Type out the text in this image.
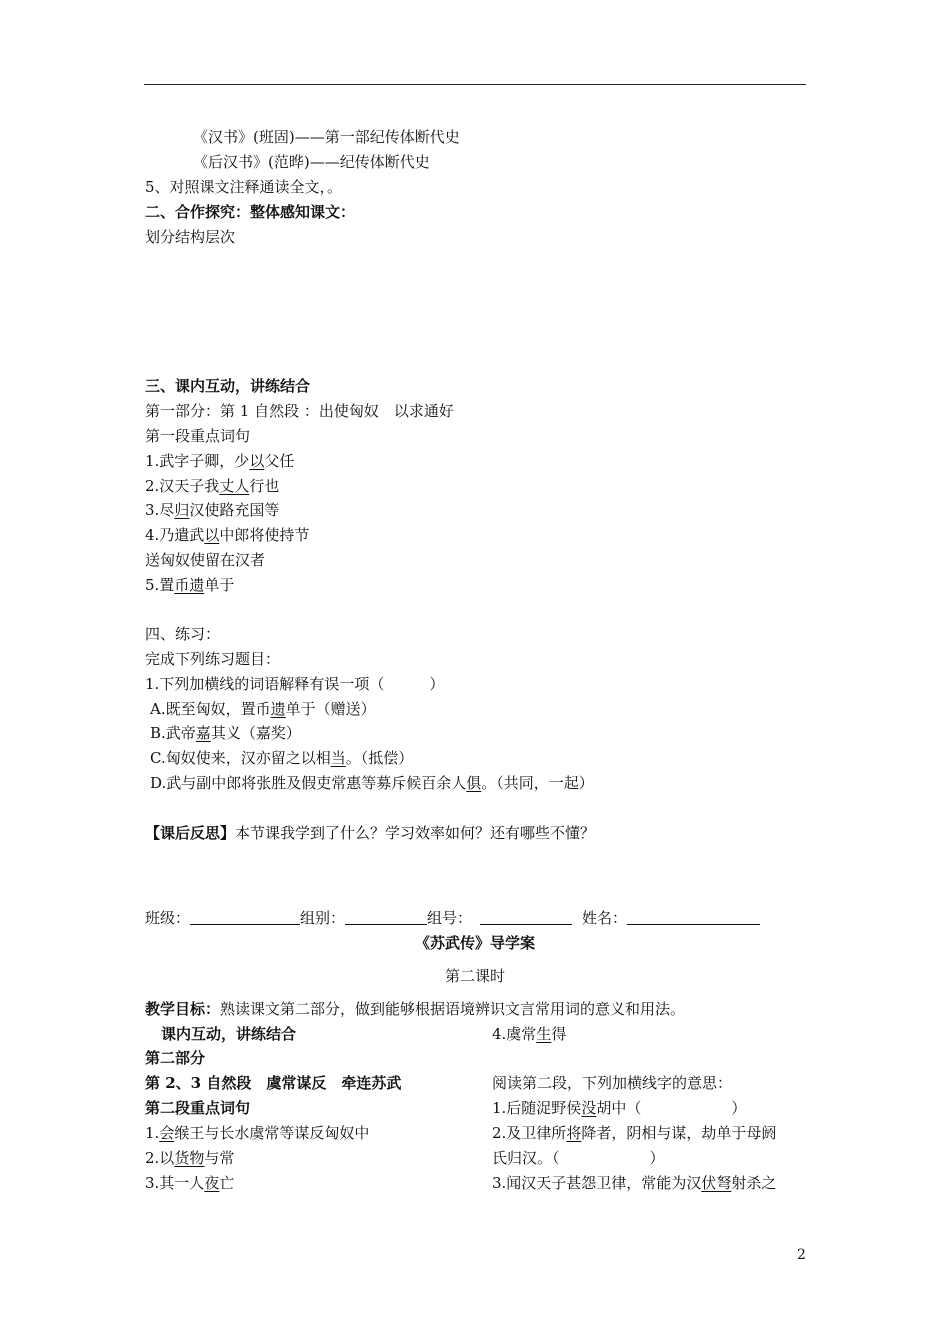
《汉书》(班固)——第一部纪传体断代史
《后汉书》(范晔)——纪传体断代史
5、对照课文注释通读全文，。
二、合作探究：整体感知课文：
划分结构层次
三、课内互动，讲练结合
第一部分：第 1 自然段 ：出使匈奴　以求通好
第一段重点词句
1.武字子卿，少以父任
2.汉天子我丈人行也
3.尽归汉使路充国等
4.乃遣武以中郎将使持节
送匈奴使留在汉者
5.置币遗单于
四、练习：
完成下列练习题目：
1.下列加横线的词语解释有误一项（　　　）
A.既至匈奴，置币遗单于（赠送）
B.武帝嘉其义（嘉奖）
C.匈奴使来，汉亦留之以相当。（抵偿）
D.武与副中郎将张胜及假吏常惠等募斥候百余人俱。（共同，一起）
【课后反思】本节课我学到了什么？学习效率如何？还有哪些不懂？
班级：	组别：	组号：	姓名：
《苏武传》导学案
第二课时
教学目标：熟读课文第二部分，做到能够根据语境辨识文言常用词的意义和用法。
课内互动，讲练结合
第二部分
第 2、3 自然段　虞常谋反　牵连苏武
第二段重点词句
1.会缑王与长水虞常等谋反匈奴中
2.以货物与常
3.其一人夜亡
4.虞常生得
阅读第二段，下列加横线字的意思：
1.后随浞野侯没胡中（　　　　　　）
2.及卫律所将降者，阴相与谋，劫单于母阏
氏归汉。（　　　　　　）
3.闻汉天子甚怨卫律，常能为汉伏弩射杀之
2
